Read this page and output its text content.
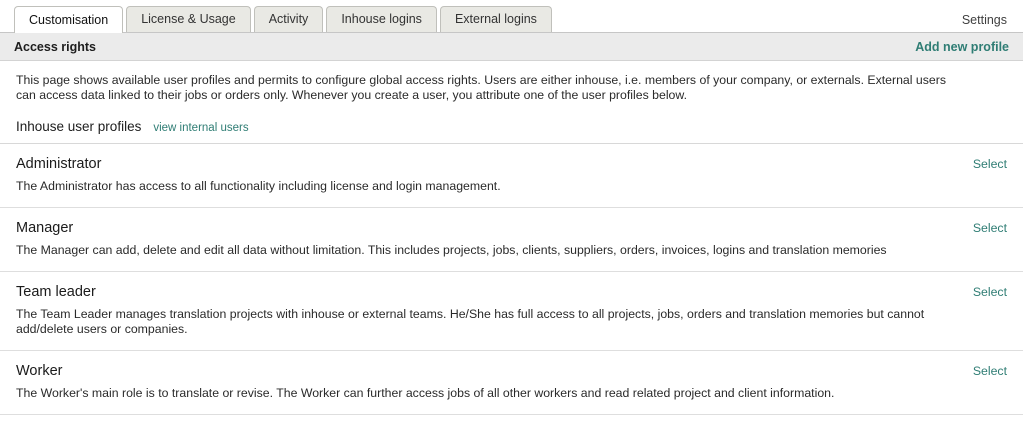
Customisation	License & Usage	Activity	Inhouse logins	External logins	Settings
Access rights	Add new profile
This page shows available user profiles and permits to configure global access rights. Users are either inhouse, i.e. members of your company, or externals. External users can access data linked to their jobs or orders only. Whenever you create a user, you attribute one of the user profiles below.
Inhouse user profiles view internal users
Administrator
The Administrator has access to all functionality including license and login management.
Select
Manager
The Manager can add, delete and edit all data without limitation. This includes projects, jobs, clients, suppliers, orders, invoices, logins and translation memories
Select
Team leader
The Team Leader manages translation projects with inhouse or external teams. He/She has full access to all projects, jobs, orders and translation memories but cannot add/delete users or companies.
Select
Worker
The Worker's main role is to translate or revise. The Worker can further access jobs of all other workers and read related project and client information.
Select
